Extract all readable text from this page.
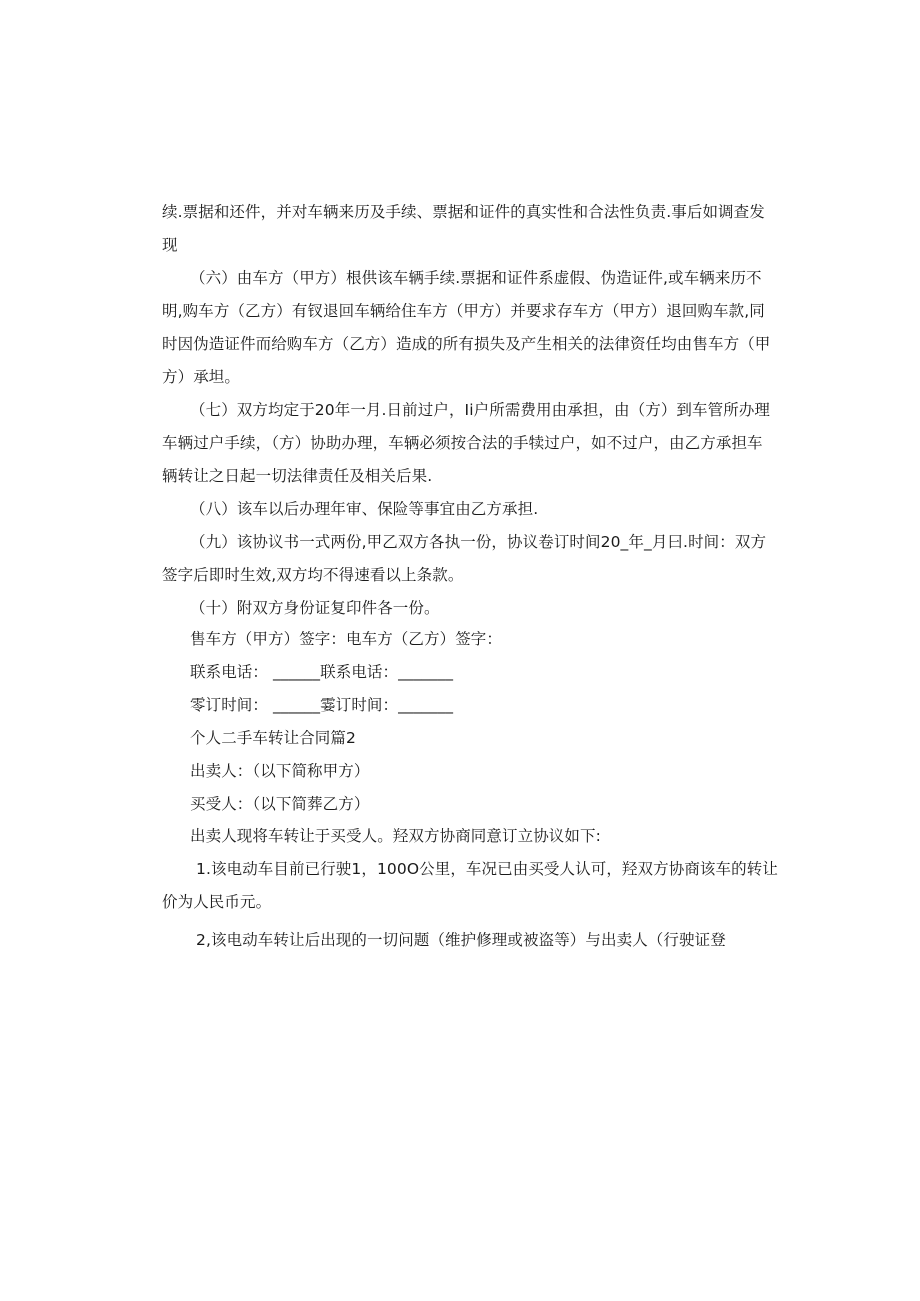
续.票据和还件，并对车辆来历及手续、票据和证件的真实性和合法性负责.事后如调查发
现
（六）由车方（甲方）根供该车辆手续.票据和证件系虚假、伪造证件,或车辆来历不
明,购车方（乙方）有钗退回车辆给住车方（甲方）并要求存车方（甲方）退回购车款,同
时因伪造证件而给购车方（乙方）造成的所有损失及产生相关的法律资任均由售车方（甲
方）承坦。
（七）双方均定于20年一月.日前过户，Ii户所需费用由承担，由（方）到车管所办理
车辆过户手续，（方）协助办理，车辆必须按合法的手犊过户，如不过户，由乙方承担车
辆转让之日起一切法律责任及相关后果.
（八）该车以后办理年审、保险等事宜由乙方承担.
（九）该协议书一式两份,甲乙双方各执一份，协议卷订时间20_年_月曰.时间：双方
签字后即时生效,双方均不得速看以上条款。
（十）附双方身份证复印件各一份。
售车方（甲方）签字：电车方（乙方）签字：
联系电话： ______联系电话：_______
零订时间： ______霎订时间：_______
个人二手车转让合同篇2
出卖人：（以下简称甲方）
买受人：（以下简葬乙方）
出卖人现将车转让于买受人。羟双方协商同意订立协议如下:
1.该电动车目前已行驶1，100O公里，车况已由买受人认可，羟双方协商该车的转让
价为人民币元。
2,该电动车转让后出现的一切问题（维护修理或被盗等）与出卖人（行驶证登
